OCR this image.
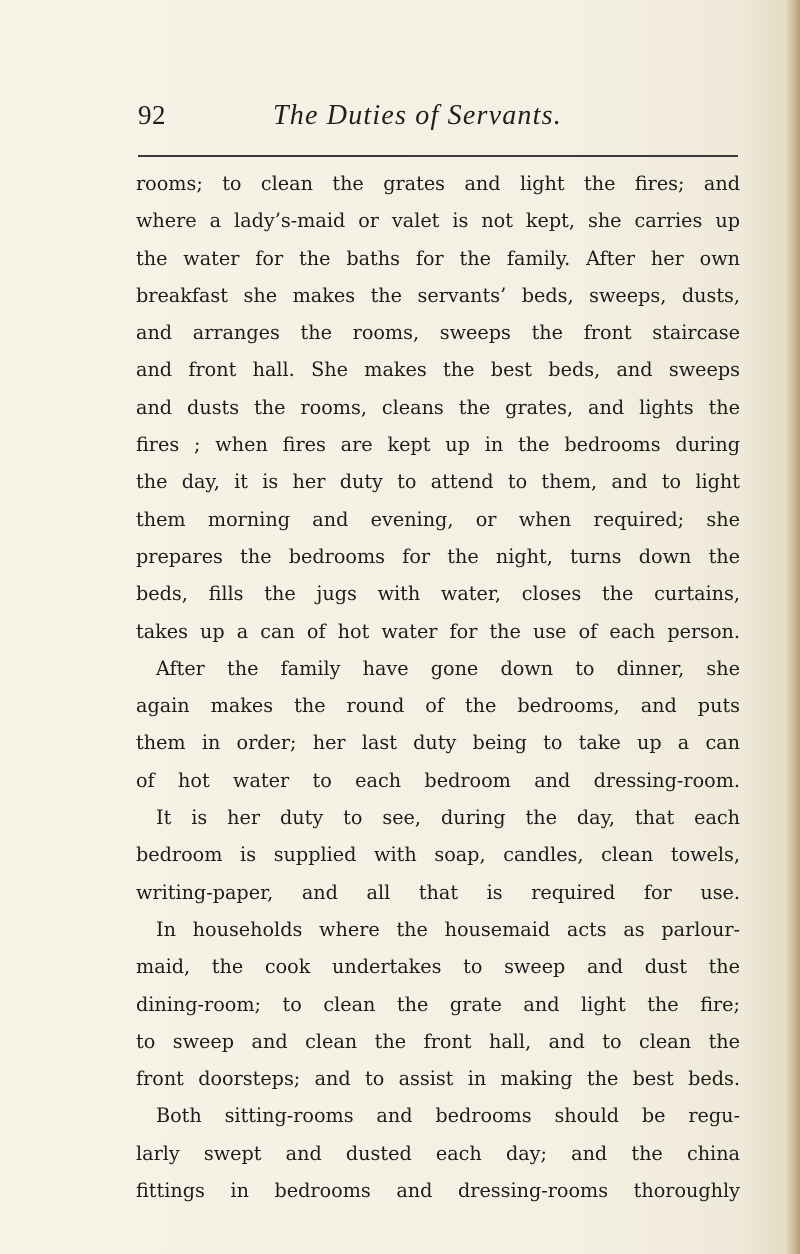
92	The Duties of Servants.
rooms; to clean the grates and light the fires; and
where a lady’s-maid or valet is not kept, she carries up
the water for the baths for the family. After her own
breakfast she makes the servants’ beds, sweeps, dusts,
and arranges the rooms, sweeps the front staircase
and front hall. She makes the best beds, and sweeps
and dusts the rooms, cleans the grates, and lights the
fires ; when fires are kept up in the bedrooms during
the day, it is her duty to attend to them, and to light
them morning and evening, or when required; she
prepares the bedrooms for the night, turns down the
beds, fills the jugs with water, closes the curtains,
takes up a can of hot water for the use of each person.
After the family have gone down to dinner, she
again makes the round of the bedrooms, and puts
them in order; her last duty being to take up a can
of hot water to each bedroom and dressing-room.
It is her duty to see, during the day, that each
bedroom is supplied with soap, candles, clean towels,
writing-paper, and all that is required for use.
In households where the housemaid acts as parlour-
maid, the cook undertakes to sweep and dust the
dining-room; to clean the grate and light the fire;
to sweep and clean the front hall, and to clean the
front doorsteps; and to assist in making the best beds.
Both sitting-rooms and bedrooms should be regu-
larly swept and dusted each day; and the china
fittings in bedrooms and dressing-rooms thoroughly
